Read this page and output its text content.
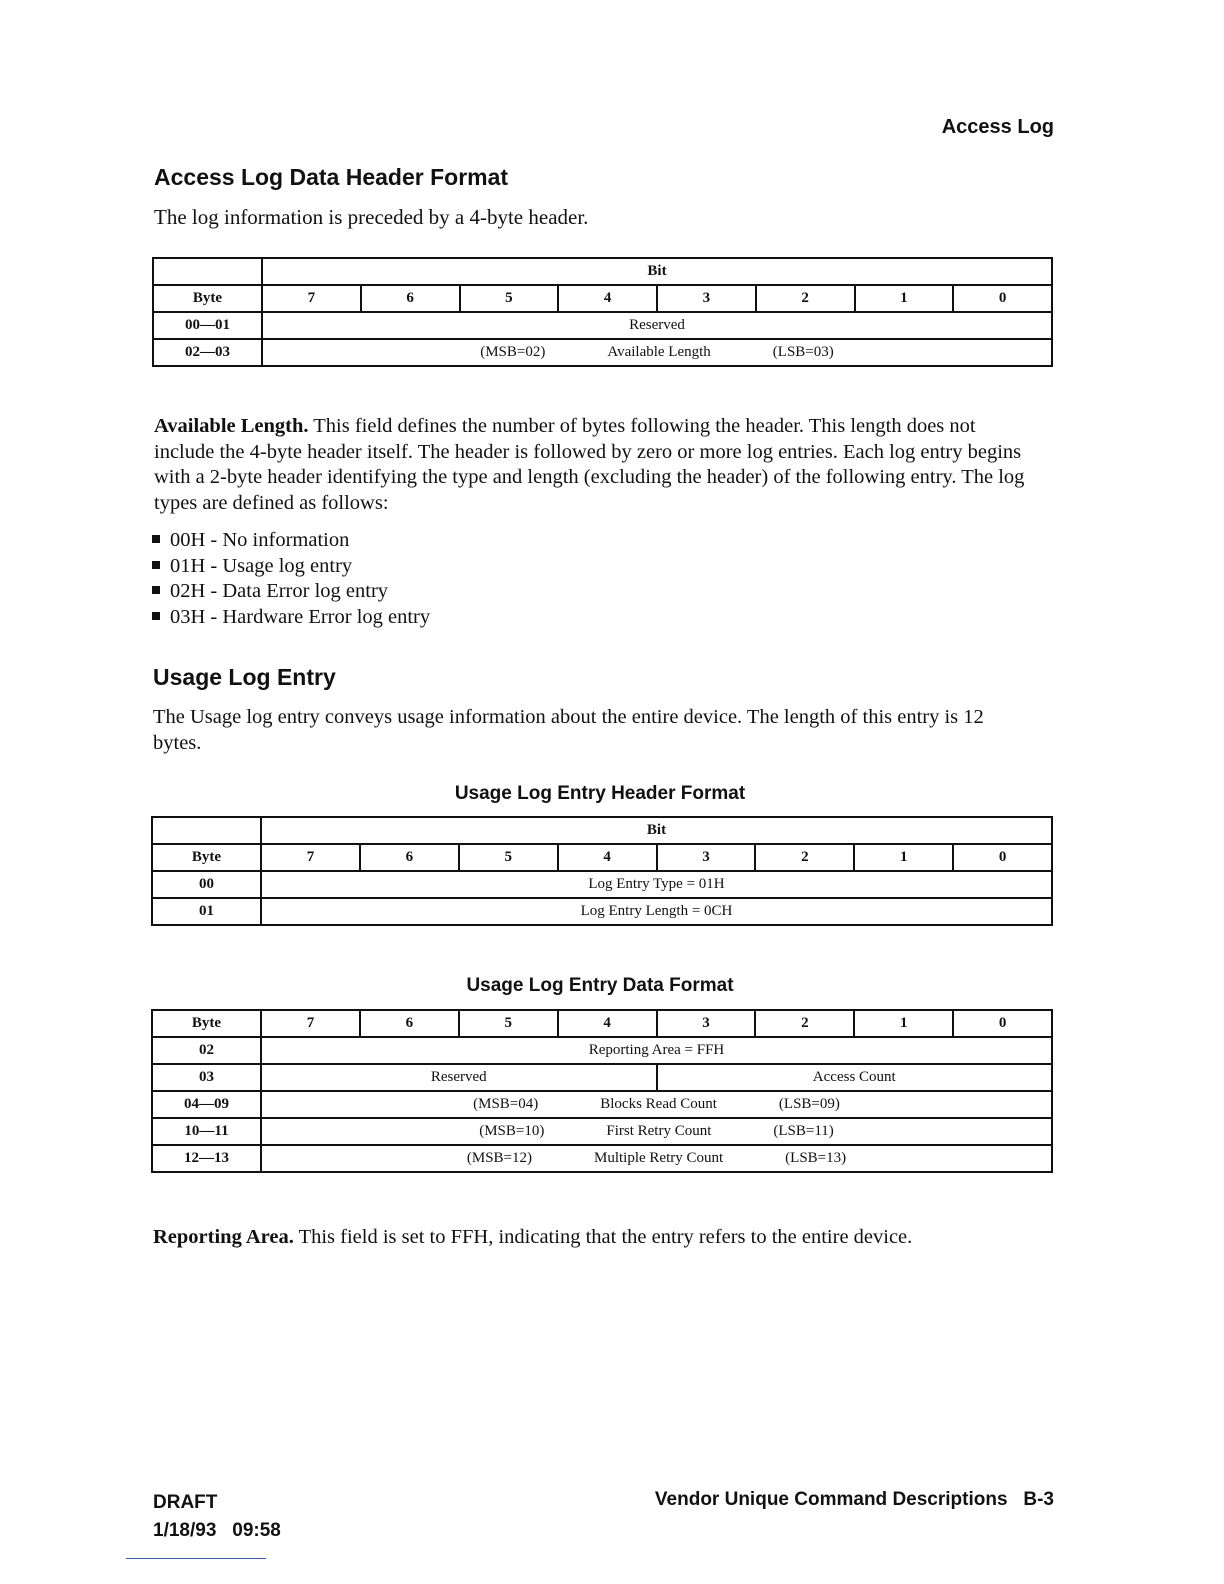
Access Log
Access Log Data Header Format
The log information is preceded by a 4-byte header.
	Bit							
Byte	7	6	5	4	3	2	1	0
00—01	Reserved							
02—03	(MSB=02) Available Length (LSB=03)							
Available Length. This field defines the number of bytes following the header. This length does not include the 4-byte header itself. The header is followed by zero or more log entries. Each log entry begins with a 2-byte header identifying the type and length (excluding the header) of the following entry. The log types are defined as follows:
00H - No information
01H - Usage log entry
02H - Data Error log entry
03H - Hardware Error log entry
Usage Log Entry
The Usage log entry conveys usage information about the entire device. The length of this entry is 12 bytes.
Usage Log Entry Header Format
	Bit							
Byte	7	6	5	4	3	2	1	0
00	Log Entry Type = 01H							
01	Log Entry Length = 0CH							
Usage Log Entry Data Format
Byte	7	6	5	4	3	2	1	0
02	Reporting Area = FFH							
03	Reserved				Access Count			
04—09	(MSB=04) Blocks Read Count (LSB=09)							

10—11	(MSB=10) First Retry Count (LSB=11)							

12—13	(MSB=12) Multiple Retry Count (LSB=13)							
Reporting Area. This field is set to FFH, indicating that the entry refers to the entire device.
DRAFT
1/18/93 09:58
Vendor Unique Command Descriptions B-3
